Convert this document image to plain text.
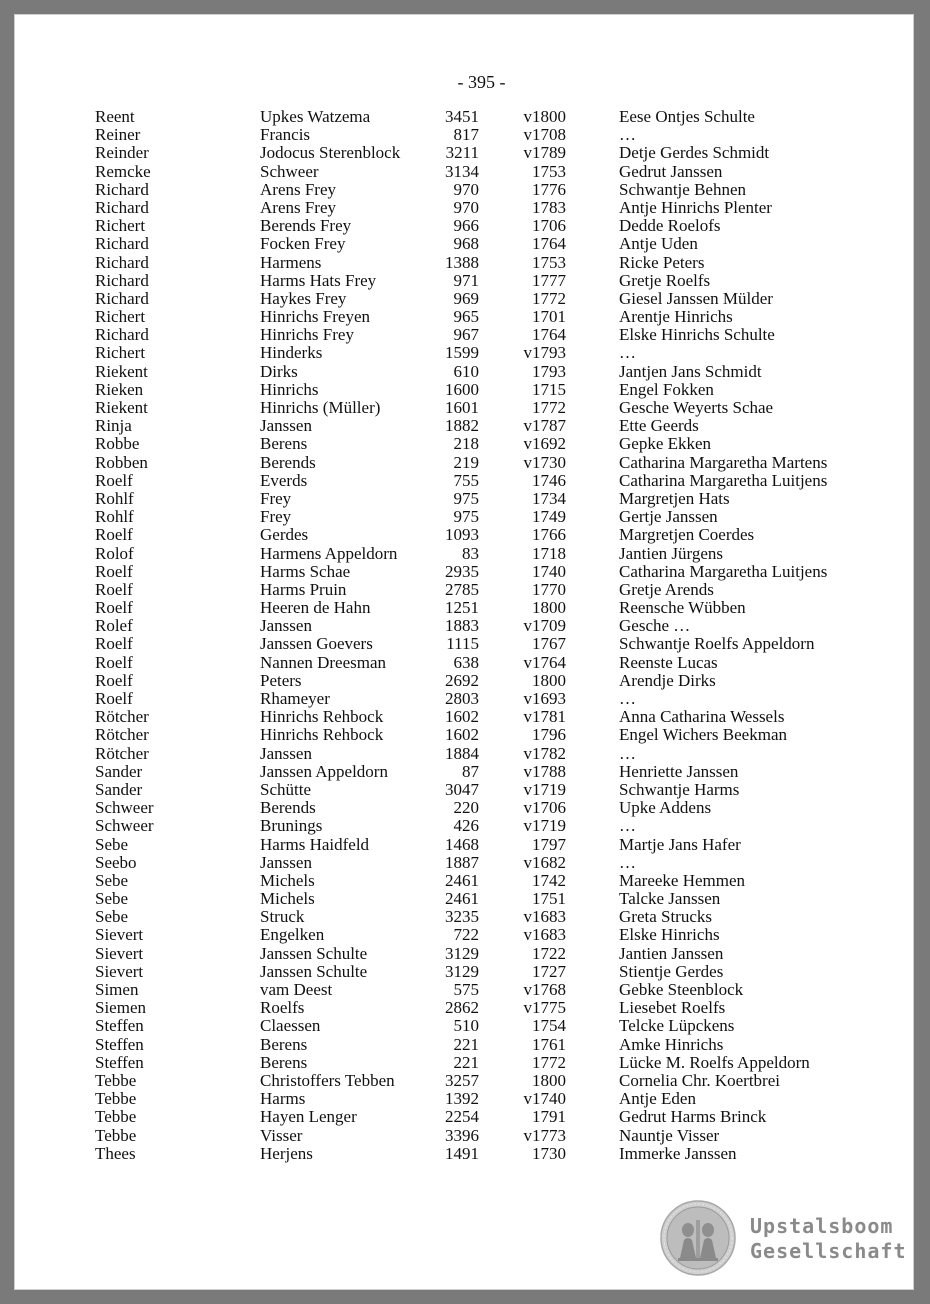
- 395 -
Reent	Upkes Watzema	3451	v1800	Eese Ontjes Schulte
Reiner	Francis	817	v1708	…
Reinder	Jodocus Sterenblock	3211	v1789	Detje Gerdes Schmidt
Remcke	Schweer	3134	1753	Gedrut Janssen
Richard	Arens Frey	970	1776	Schwantje Behnen
Richard	Arens Frey	970	1783	Antje Hinrichs Plenter
Richert	Berends Frey	966	1706	Dedde Roelofs
Richard	Focken Frey	968	1764	Antje Uden
Richard	Harmens	1388	1753	Ricke Peters
Richard	Harms Hats Frey	971	1777	Gretje Roelfs
Richard	Haykes Frey	969	1772	Giesel Janssen Mülder
Richert	Hinrichs Freyen	965	1701	Arentje Hinrichs
Richard	Hinrichs Frey	967	1764	Elske Hinrichs Schulte
Richert	Hinderks	1599	v1793	…
Riekent	Dirks	610	1793	Jantjen Jans Schmidt
Rieken	Hinrichs	1600	1715	Engel Fokken
Riekent	Hinrichs (Müller)	1601	1772	Gesche Weyerts Schae
Rinja	Janssen	1882	v1787	Ette Geerds
Robbe	Berens	218	v1692	Gepke Ekken
Robben	Berends	219	v1730	Catharina Margaretha Martens
Roelf	Everds	755	1746	Catharina Margaretha Luitjens
Rohlf	Frey	975	1734	Margretjen Hats
Rohlf	Frey	975	1749	Gertje Janssen
Roelf	Gerdes	1093	1766	Margretjen Coerdes
Rolof	Harmens Appeldorn	83	1718	Jantien Jürgens
Roelf	Harms Schae	2935	1740	Catharina Margaretha Luitjens
Roelf	Harms Pruin	2785	1770	Gretje Arends
Roelf	Heeren de Hahn	1251	1800	Reensche Wübben
Rolef	Janssen	1883	v1709	Gesche …
Roelf	Janssen Goevers	1115	1767	Schwantje Roelfs Appeldorn
Roelf	Nannen Dreesman	638	v1764	Reenste Lucas
Roelf	Peters	2692	1800	Arendje Dirks
Roelf	Rhameyer	2803	v1693	…
Rötcher	Hinrichs Rehbock	1602	v1781	Anna Catharina Wessels
Rötcher	Hinrichs Rehbock	1602	1796	Engel Wichers Beekman
Rötcher	Janssen	1884	v1782	…
Sander	Janssen Appeldorn	87	v1788	Henriette Janssen
Sander	Schütte	3047	v1719	Schwantje Harms
Schweer	Berends	220	v1706	Upke Addens
Schweer	Brunings	426	v1719	…
Sebe	Harms Haidfeld	1468	1797	Martje Jans Hafer
Seebo	Janssen	1887	v1682	…
Sebe	Michels	2461	1742	Mareeke Hemmen
Sebe	Michels	2461	1751	Talcke Janssen
Sebe	Struck	3235	v1683	Greta Strucks
Sievert	Engelken	722	v1683	Elske Hinrichs
Sievert	Janssen Schulte	3129	1722	Jantien Janssen
Sievert	Janssen Schulte	3129	1727	Stientje Gerdes
Simen	vam Deest	575	v1768	Gebke Steenblock
Siemen	Roelfs	2862	v1775	Liesebet Roelfs
Steffen	Claessen	510	1754	Telcke Lüpckens
Steffen	Berens	221	1761	Amke Hinrichs
Steffen	Berens	221	1772	Lücke M. Roelfs Appeldorn
Tebbe	Christoffers Tebben	3257	1800	Cornelia Chr. Koertbrei
Tebbe	Harms	1392	v1740	Antje Eden
Tebbe	Hayen Lenger	2254	1791	Gedrut Harms Brinck
Tebbe	Visser	3396	v1773	Nauntje Visser
Thees	Herjens	1491	1730	Immerke Janssen
Upstalsboom
Gesellschaft
